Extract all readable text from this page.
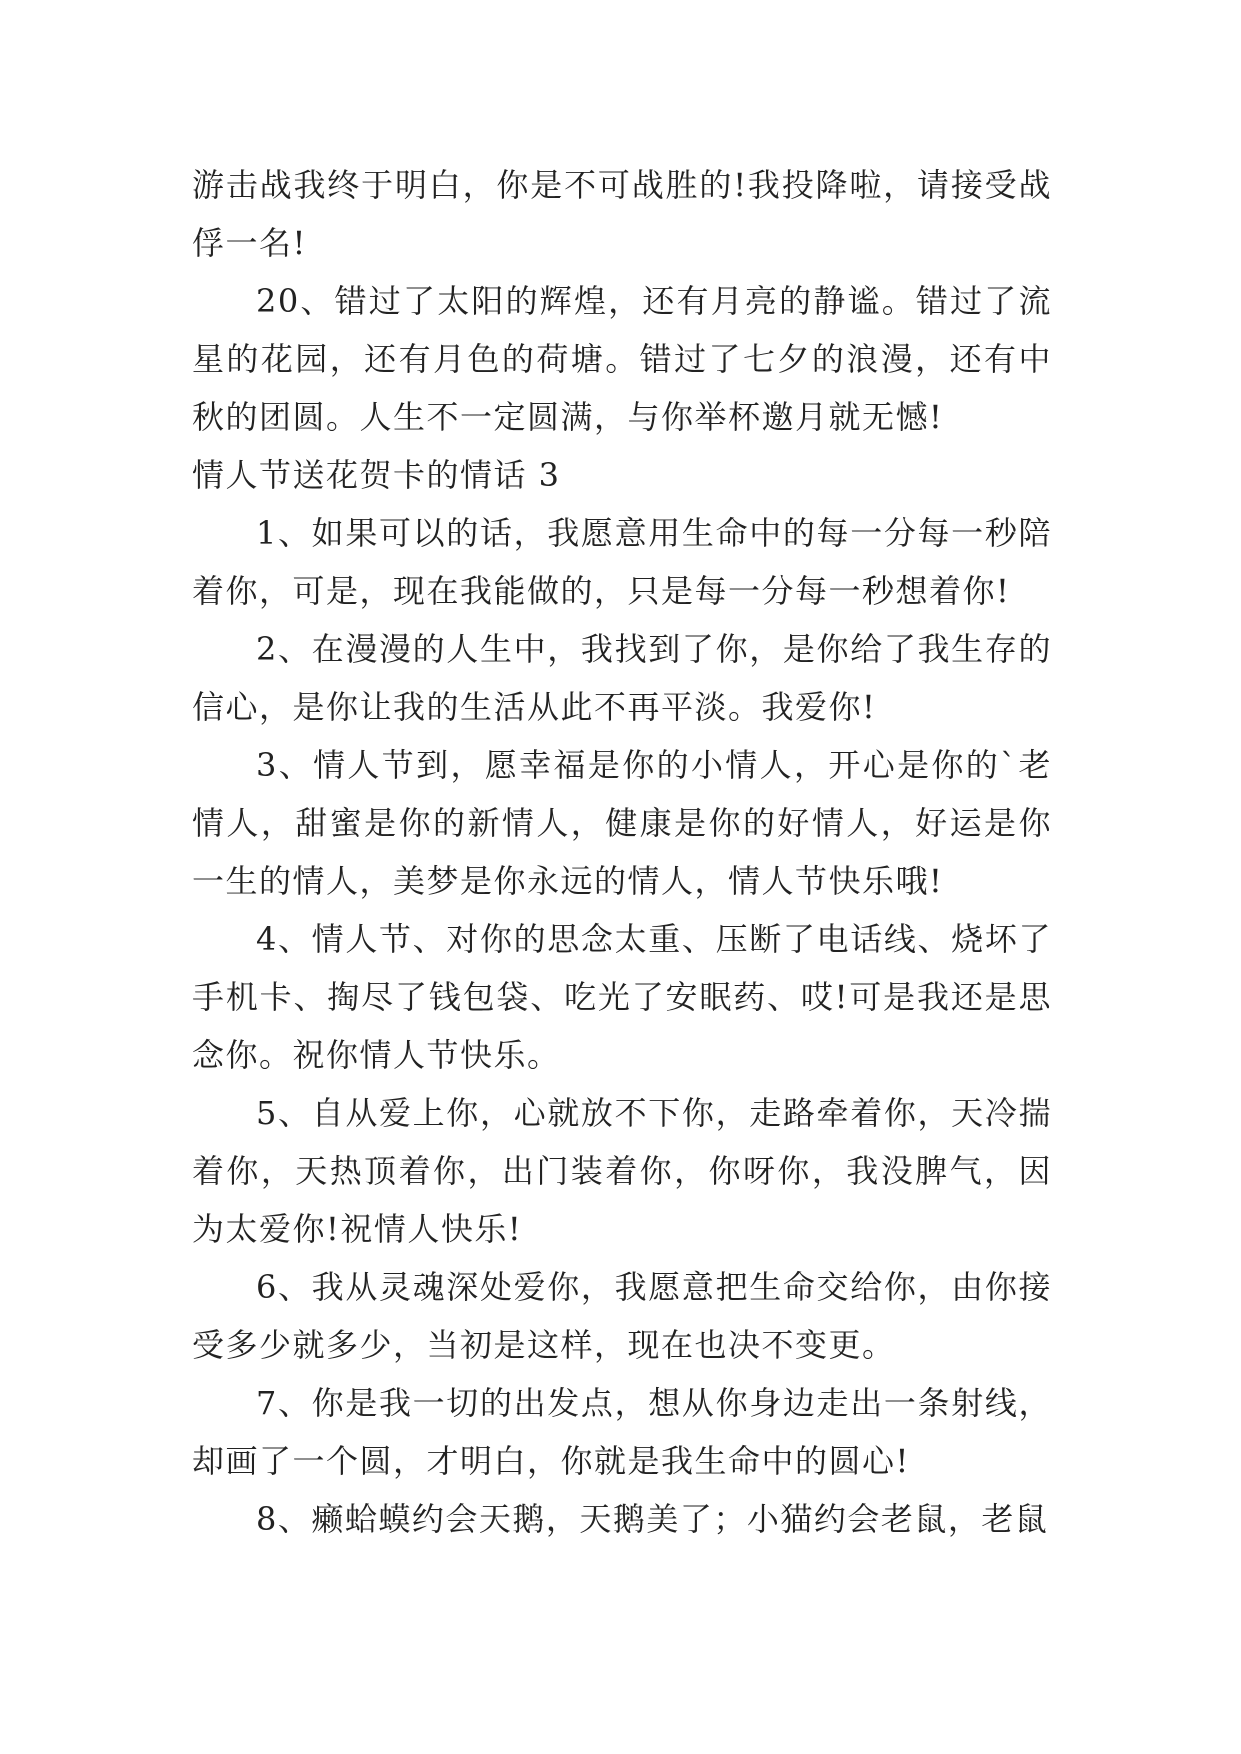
游击战我终于明白，你是不可战胜的!我投降啦，请接受战俘一名!

20、错过了太阳的辉煌，还有月亮的静谧。错过了流星的花园，还有月色的荷塘。错过了七夕的浪漫，还有中秋的团圆。人生不一定圆满，与你举杯邀月就无憾!

情人节送花贺卡的情话 3

1、如果可以的话，我愿意用生命中的每一分每一秒陪着你，可是，现在我能做的，只是每一分每一秒想着你!

2、在漫漫的人生中，我找到了你，是你给了我生存的信心，是你让我的生活从此不再平淡。我爱你!

3、情人节到，愿幸福是你的小情人，开心是你的`老情人，甜蜜是你的新情人，健康是你的好情人，好运是你一生的情人，美梦是你永远的情人，情人节快乐哦!

4、情人节、对你的思念太重、压断了电话线、烧坏了手机卡、掏尽了钱包袋、吃光了安眠药、哎!可是我还是思念你。祝你情人节快乐。

5、自从爱上你，心就放不下你，走路牵着你，天冷揣着你，天热顶着你，出门装着你，你呀你，我没脾气，因为太爱你!祝情人快乐!

6、我从灵魂深处爱你，我愿意把生命交给你，由你接受多少就多少，当初是这样，现在也决不变更。

7、你是我一切的出发点，想从你身边走出一条射线，却画了一个圆，才明白，你就是我生命中的圆心!

8、癞蛤蟆约会天鹅，天鹅美了；小猫约会老鼠，老鼠
